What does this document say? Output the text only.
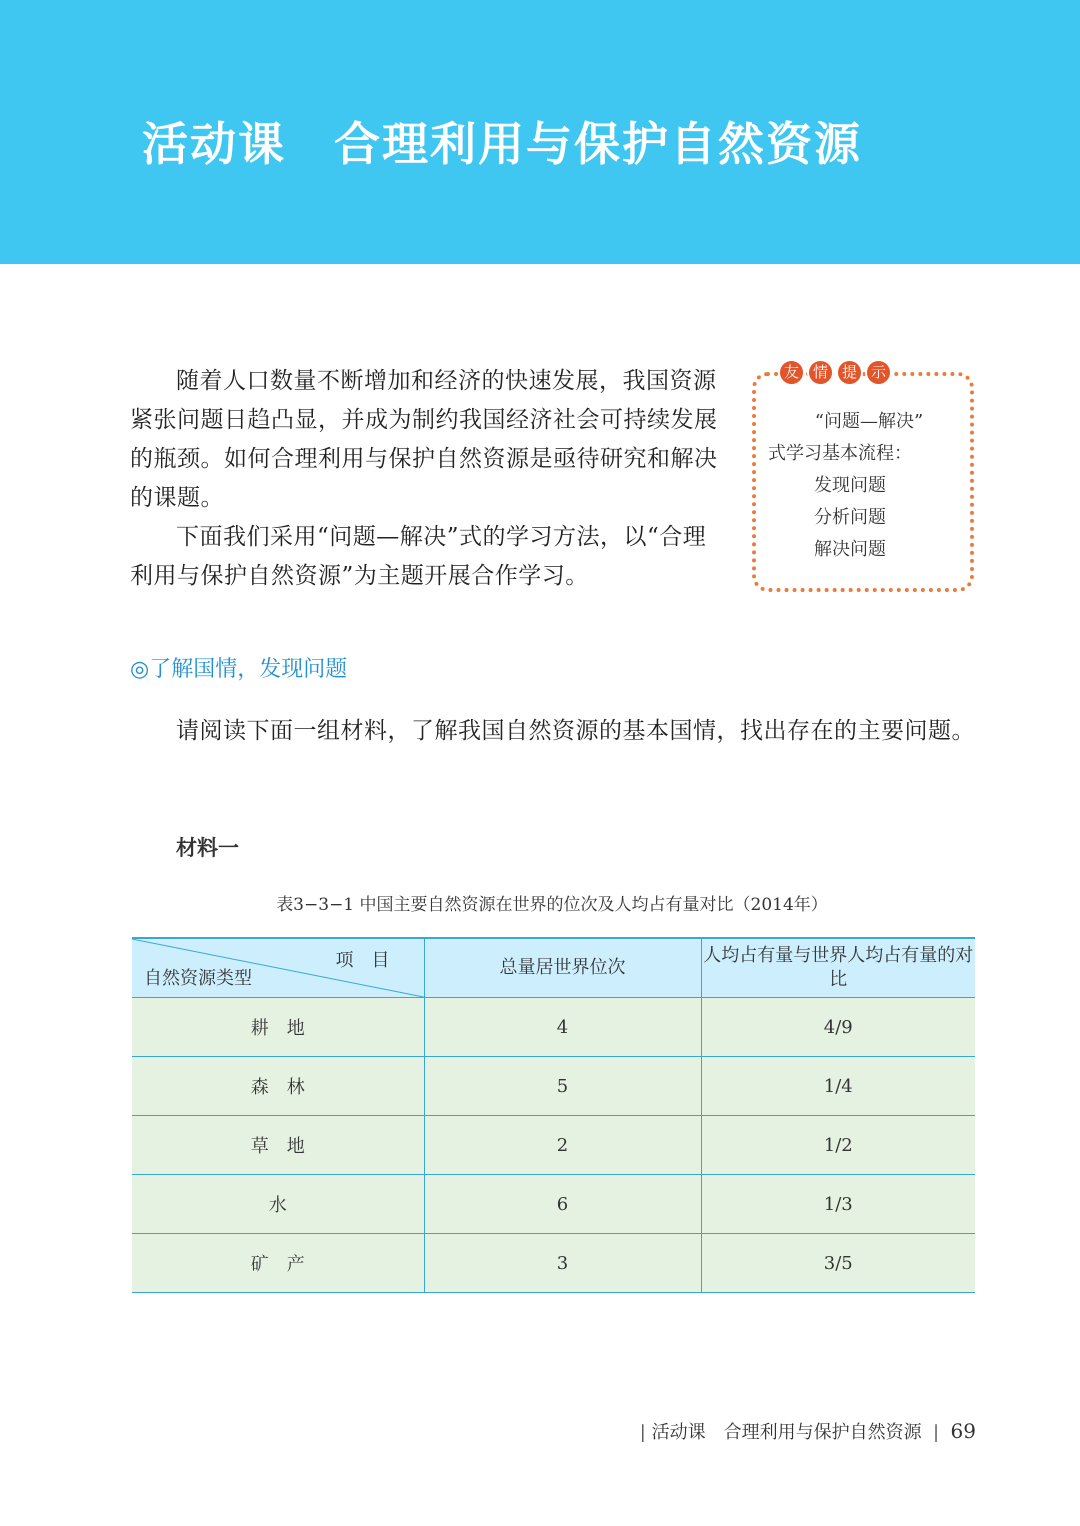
活动课　合理利用与保护自然资源

随着人口数量不断增加和经济的快速发展，我国资源紧张问题日趋凸显，并成为制约我国经济社会可持续发展的瓶颈。如何合理利用与保护自然资源是亟待研究和解决的课题。

下面我们采用“问题—解决”式的学习方法，以“合理利用与保护自然资源”为主题开展合作学习。

友 情 提 示
“问题—解决”
式学习基本流程：
发现问题
分析问题
解决问题
◎了解国情，发现问题

请阅读下面一组材料，了解我国自然资源的基本国情，找出存在的主要问题。

材料一
表3−3−1 中国主要自然资源在世界的位次及人均占有量对比（2014年）
项　目
自然资源类型	总量居世界位次	人均占有量与世界人均占有量的对比
耕　地	4	4/9
森　林	5	1/4
草　地	2	1/2
水	6	1/3
矿　产	3	3/5
| 活动课　合理利用与保护自然资源  |  69
